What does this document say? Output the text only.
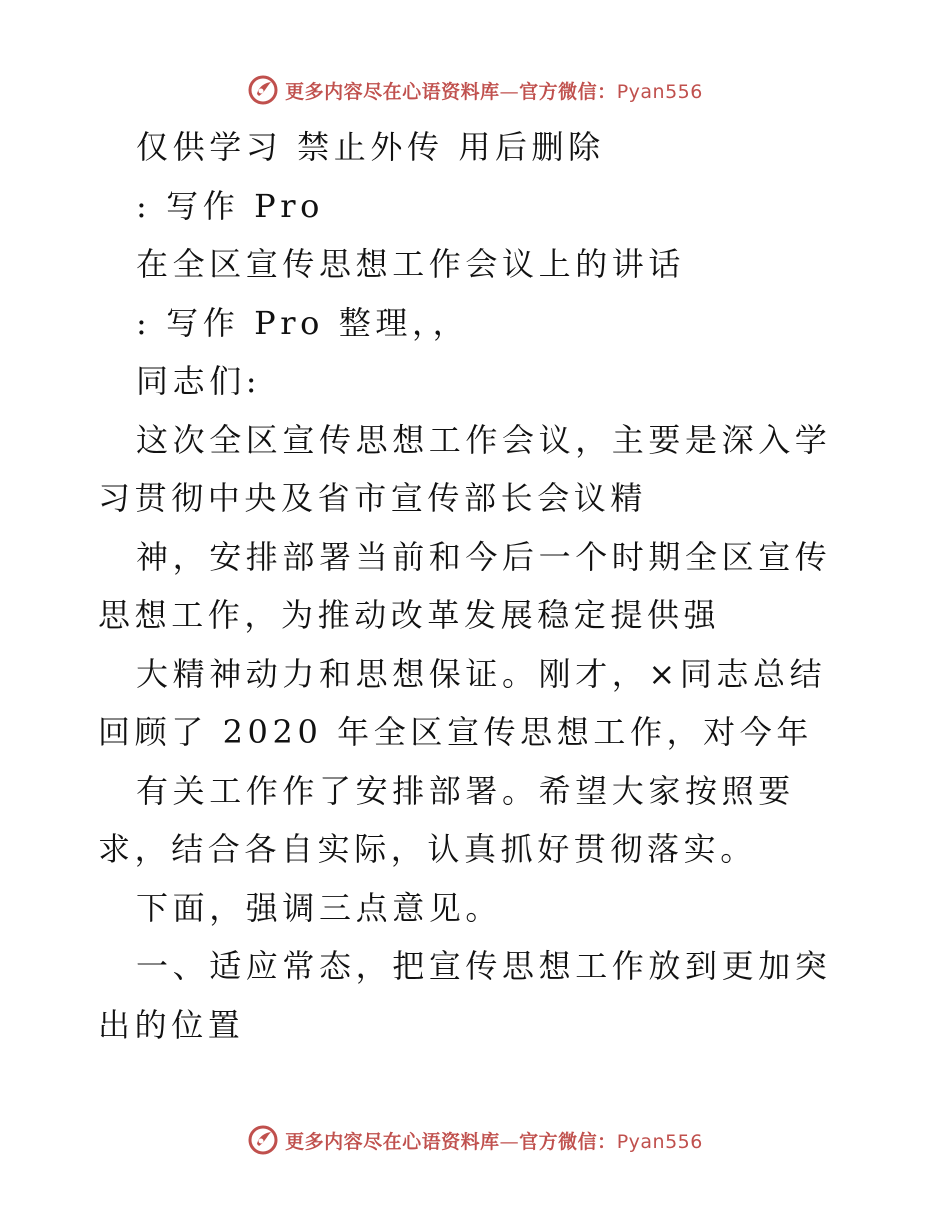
更多内容尽在心语资料库—官方微信：Pyan556

仅供学习 禁止外传 用后删除

: 写作 Pro

在全区宣传思想工作会议上的讲话

: 写作 Pro 整理，，

同志们:

这次全区宣传思想工作会议，主要是深入学习贯彻中央及省市宣传部长会议精

神，安排部署当前和今后一个时期全区宣传思想工作，为推动改革发展稳定提供强

大精神动力和思想保证。刚才，×同志总结回顾了 2020 年全区宣传思想工作，对今年

有关工作作了安排部署。希望大家按照要求，结合各自实际，认真抓好贯彻落实。

下面，强调三点意见。

一、适应常态，把宣传思想工作放到更加突出的位置

更多内容尽在心语资料库—官方微信：Pyan556
